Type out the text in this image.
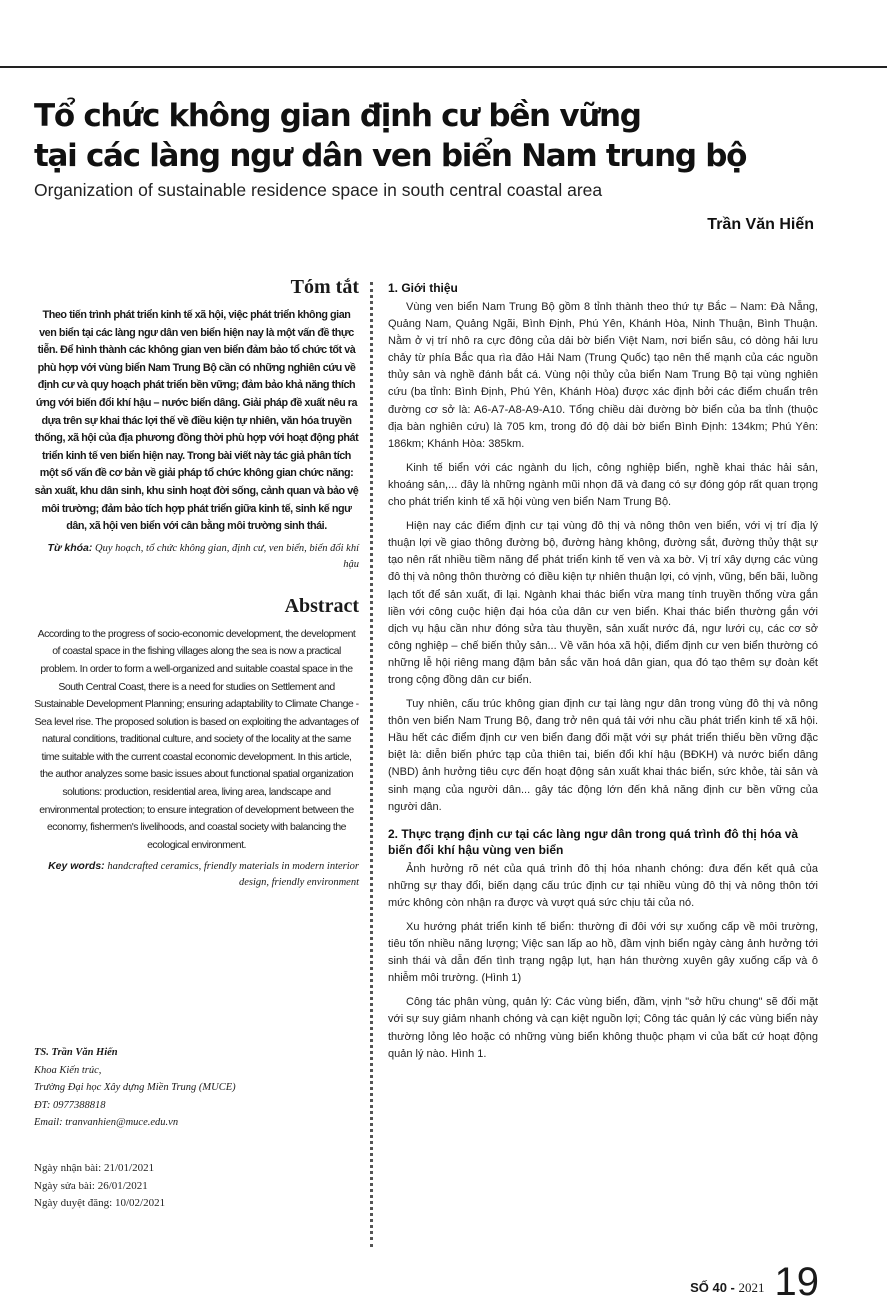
Tổ chức không gian định cư bền vững
tại các làng ngư dân ven biển Nam trung bộ
Organization of sustainable residence space in south central coastal area
Trần Văn Hiến
Tóm tắt
Theo tiến trình phát triển kinh tế xã hội, việc phát triển không gian ven biển tại các làng ngư dân ven biển hiện nay là một vấn đề thực tiễn. Để hình thành các không gian ven biển đảm bảo tổ chức tốt và phù hợp với vùng biển Nam Trung Bộ cần có những nghiên cứu về định cư và quy hoạch phát triển bền vững; đảm bảo khả năng thích ứng với biến đổi khí hậu – nước biển dâng. Giải pháp đề xuất nêu ra dựa trên sự khai thác lợi thế về điều kiện tự nhiên, văn hóa truyền thống, xã hội của địa phương đồng thời phù hợp với hoạt động phát triển kinh tế ven biển hiện nay. Trong bài viết này tác giả phân tích một số vấn đề cơ bản về giải pháp tổ chức không gian chức năng: sản xuất, khu dân sinh, khu sinh hoạt đời sống, cảnh quan và bảo vệ môi trường; đảm bảo tích hợp phát triển giữa kinh tế, sinh kế ngư dân, xã hội ven biển với cân bằng môi trường sinh thái.
Từ khóa: Quy hoạch, tổ chức không gian, định cư, ven biển, biến đổi khí hậu
Abstract
According to the progress of socio-economic development, the development of coastal space in the fishing villages along the sea is now a practical problem. In order to form a well-organized and suitable coastal space in the South Central Coast, there is a need for studies on Settlement and Sustainable Development Planning; ensuring adaptability to Climate Change - Sea level rise. The proposed solution is based on exploiting the advantages of natural conditions, traditional culture, and society of the locality at the same time suitable with the current coastal economic development. In this article, the author analyzes some basic issues about functional spatial organization solutions: production, residential area, living area, landscape and environmental protection; to ensure integration of development between the economy, fishermen's livelihoods, and coastal society with balancing the ecological environment.
Key words: handcrafted ceramics, friendly materials in modern interior design, friendly environment
TS. Trần Văn Hiến
Khoa Kiến trúc,
Trường Đại học Xây dựng Miền Trung (MUCE)
ĐT: 0977388818
Email: tranvanhien@muce.edu.vn
Ngày nhận bài: 21/01/2021
Ngày sửa bài: 26/01/2021
Ngày duyệt đăng: 10/02/2021
1. Giới thiệu

Vùng ven biển Nam Trung Bộ gồm 8 tỉnh thành theo thứ tự Bắc – Nam: Đà Nẵng, Quảng Nam, Quảng Ngãi, Bình Định, Phú Yên, Khánh Hòa, Ninh Thuận, Bình Thuận. Nằm ở vị trí nhô ra cực đông của dải bờ biển Việt Nam, nơi biển sâu, có dòng hải lưu chảy từ phía Bắc qua rìa đảo Hải Nam (Trung Quốc) tạo nên thế mạnh của các nguồn thủy sản và nghề đánh bắt cá. Vùng nội thủy của biển Nam Trung Bộ tại vùng nghiên cứu (ba tỉnh: Bình Định, Phú Yên, Khánh Hòa) được xác định bởi các điểm chuẩn trên đường cơ sở là: A6-A7-A8-A9-A10. Tổng chiều dài đường bờ biển của ba tỉnh (thuộc địa bàn nghiên cứu) là 705 km, trong đó độ dài bờ biển Bình Định: 134km; Phú Yên: 186km; Khánh Hòa: 385km.

Kinh tế biển với các ngành du lịch, công nghiệp biển, nghề khai thác hải sản, khoáng sản,... đây là những ngành mũi nhọn đã và đang có sự đóng góp rất quan trọng cho phát triển kinh tế xã hội vùng ven biển Nam Trung Bộ.

Hiện nay các điểm định cư tại vùng đô thị và nông thôn ven biển, với vị trí địa lý thuận lợi về giao thông đường bộ, đường hàng không, đường sắt, đường thủy thật sự tạo nên rất nhiều tiềm năng để phát triển kinh tế ven và xa bờ. Vị trí xây dựng các vùng đô thị và nông thôn thường có điều kiện tự nhiên thuận lợi, có vịnh, vũng, bến bãi, luồng lạch tốt để sản xuất, đi lại. Ngành khai thác biển vừa mang tính truyền thống vừa gắn liền với công cuộc hiện đại hóa của dân cư ven biển. Khai thác biển thường gắn với dịch vụ hậu cần như đóng sửa tàu thuyền, sản xuất nước đá, ngư lưới cụ, các cơ sở công nghiệp – chế biến thủy sản... Về văn hóa xã hội, điểm định cư ven biển thường có những lễ hội riêng mang đậm bản sắc văn hoá dân gian, qua đó tạo thêm sự đoàn kết trong cộng đồng dân cư biển.

Tuy nhiên, cấu trúc không gian định cư tại làng ngư dân trong vùng đô thị và nông thôn ven biển Nam Trung Bộ, đang trở nên quá tải với nhu cầu phát triển kinh tế xã hội. Hầu hết các điểm định cư ven biển đang đối mặt với sự phát triển thiếu bền vững đặc biệt là: diễn biến phức tạp của thiên tai, biến đổi khí hậu (BĐKH) và nước biển dâng (NBD) ảnh hưởng tiêu cực đến hoạt động sản xuất khai thác biển, sức khỏe, tài sản và sinh mạng của người dân... gây tác động lớn đến khả năng định cư bền vững của người dân.

2. Thực trạng định cư tại các làng ngư dân trong quá trình đô thị hóa và biến đổi khí hậu vùng ven biển

Ảnh hưởng rõ nét của quá trình đô thị hóa nhanh chóng: đưa đến kết quả của những sự thay đổi, biến dạng cấu trúc định cư tại nhiều vùng đô thị và nông thôn tới mức không còn nhận ra được và vượt quá sức chịu tải của nó.

Xu hướng phát triển kinh tế biển: thường đi đôi với sự xuống cấp về môi trường, tiêu tốn nhiều năng lượng; Việc san lấp ao hồ, đầm vịnh biển ngày càng ảnh hưởng tới sinh thái và dẫn đến tình trạng ngập lụt, hạn hán thường xuyên gây xuống cấp và ô nhiễm môi trường. (Hình 1)

Công tác phân vùng, quản lý: Các vùng biển, đầm, vịnh "sở hữu chung" sẽ đối mặt với sự suy giảm nhanh chóng và cạn kiệt nguồn lợi; Công tác quản lý các vùng biển này thường lỏng lẻo hoặc có những vùng biển không thuộc phạm vi của bất cứ hoạt động quản lý nào. Hình 1.

SỐ 40 - 2021 19
